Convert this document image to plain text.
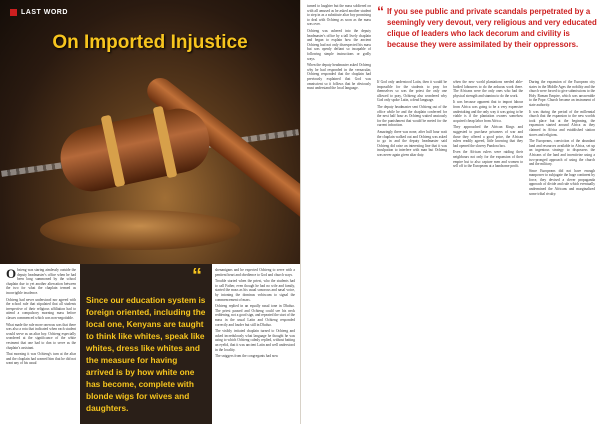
LAST WORD
On Imported Injustice

Obsieng was staring aimlessly outside the deputy headmaster's office when he had been long summoned by the school chaplain due to yet another altercation between the two for what the chaplain termed as incorrigible insolence.

Ochieng had never understood nor agreed with the school rule that stipulated that all students irrespective of their religious affiliation had to attend a compulsory morning mass before classes commenced which was non-negotiable.

What made the rule more onerous was that there was also a rota that indicated when each student would serve as an altar boy. Ochieng especially wondered at the significance of the white vestment that one had to don to serve as the chaplain's assistant.

That morning it was Ochieng's turn at the altar and the chaplain had warned him that he did not want any of his usual

“
Since our education system is foreign oriented, including the local one, Kenyans are taught to think like whites, speak like whites, dress like whites and the measure for having arrived is by how white one has become, complete with blonde wigs for wives and daughters.

shenanigans and he expected Ochieng to serve with a penitent heart and obedience to God and church ways.

Trouble started when the priest, who the students had to call Father, even though he had no wife and family, started the mass as his usual sonorous and nasal voice, by intoning the dominus vobiscum to signal the commencement of mass.

Ochieng replied in an equally nasal tone in Dholuo. The priest paused and Ochieng could see his neck reddening, not a good sign, and repeated the start of the mass in the usual Latin and Ochieng responded correctly and louder but still in Dholuo.

The visibly irritated chaplain turned to Ochieng and asked incredulously what language he thought he was using to which Ochieng calmly replied, without batting an eyelid, that it was ancient Latin and well understood in the locality.

The sniggers from the congregants had now

turned to laughter but the mass soldiered on with all amused as he asked another student to step in as a substitute altar boy promising to deal with Ochieng as soon as the mass was over.

Ochieng was ushered into the deputy headmaster's office by a tall lively chaplain and began to explain how the ancient Ochieng had not only disrespected his mass but was openly defiant so incapable of following simple instructions or godly ways.

When the deputy headmaster asked Ochieng why he had responded in the vernacular, Ochieng responded that the chaplain had previously explained that God was omniscient so it follows that he obviously must understand the local language.

“ If you see public and private scandals perpetrated by a seemingly very devout, very religious and very educated clique of leaders who lack decorum and civility is because they were assimilated by their oppressors.

If God only understood Latin, then it would be impossible for the students to pray for themselves so was the priest the only one allowed to pray, Ochieng also wondered why God only spoke Latin, a dead language.

The deputy headmaster sent Ochieng out of the office while he and the chaplain conferred for the next half hour as Ochieng waited anxiously for the punishment that would be meted for the current infraction.

Amazingly there was none, after half hour wait the chaplain walked out and Ochieng was asked to go in and the deputy headmaster said Ochieng did raise an interesting line that it was inculpation to interfere with man but Ochieng was never again given altar duty.

when the new world plantations needed able-bodied labourers to do the arduous work there. The Africans were the only ones who had the physical strength and stamina to do the work.

It was because apparent that to import labour from Africa was going to be a very expensive undertaking and the only way it was going to be viable is if the plantation owners somehow acquired cheap labor from Africa.

They approached the African Kings and suggested to purchase prisoners of war and those they offered a good price, the African rulers readily agreed, little knowing that they had opened the slavery Pandora box.

Even the African rulers were raiding their neighbours not only for the expansion of their empire but to also capture men and women to sell off to the Europeans at a handsome profit.

During the expansion of the European city states in the Middle Ages the nobility and the church were forced to give submissions to the Holy Roman Empire, which was answerable to the Pope. Church became an instrument of state authority.

It was during the period of the millennial church that the expansion to the new worlds took place but at the beginning, the expansion started around Africa as they claimed in Africa and established station stores and religions.

The Europeans, conviction of the abundant land and resources available in Africa, set up an ingenious strategy to dispossess the Africans of the land and incentivize using a two-pronged approach of using the church and the military.

Since Europeans did not have enough manpower to subjugate the huge continent by force, they devised a clever propaganda approach of divide and rule which eventually undermined the Africans and marginalized some tribal rivalry.
